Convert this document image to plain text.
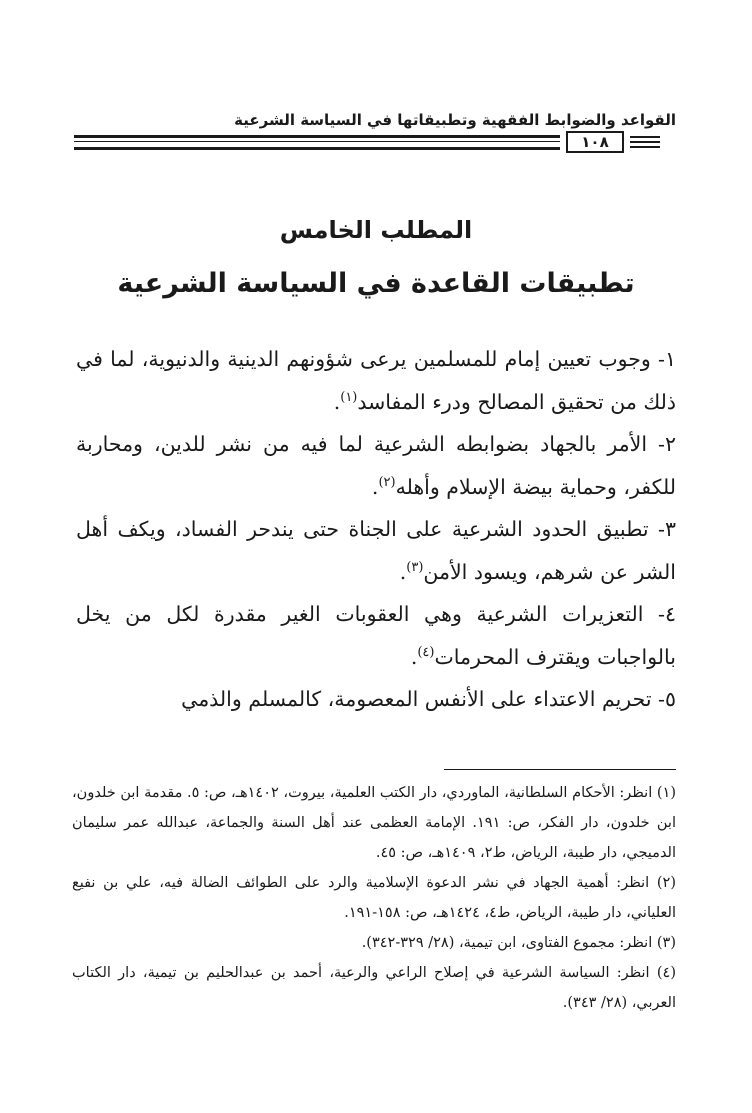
القواعد والضوابط الفقهية وتطبيقاتها في السياسة الشرعية
١٠٨
المطلب الخامس
تطبيقات القاعدة في السياسة الشرعية

١- وجوب تعيين إمام للمسلمين يرعى شؤونهم الدينية والدنيوية، لما في ذلك من تحقيق المصالح ودرء المفاسد$^{(١)}$.

٢- الأمر بالجهاد بضوابطه الشرعية لما فيه من نشر للدين، ومحاربة للكفر، وحماية بيضة الإسلام وأهله$^{(٢)}$.

٣- تطبيق الحدود الشرعية على الجناة حتى يندحر الفساد، ويكف أهل الشر عن شرهم، ويسود الأمن$^{(٣)}$.

٤- التعزيرات الشرعية وهي العقوبات الغير مقدرة لكل من يخل بالواجبات ويقترف المحرمات$^{(٤)}$.

٥- تحريم الاعتداء على الأنفس المعصومة، كالمسلم والذمي

(١) انظر: الأحكام السلطانية، الماوردي، دار الكتب العلمية، بيروت، ١٤٠٢هـ، ص: ٥. مقدمة ابن خلدون، ابن خلدون، دار الفكر، ص: ١٩١. الإمامة العظمى عند أهل السنة والجماعة، عبدالله عمر سليمان الدميجي، دار طيبة، الرياض، ط٢، ١٤٠٩هـ، ص: ٤٥.

(٢) انظر: أهمية الجهاد في نشر الدعوة الإسلامية والرد على الطوائف الضالة فيه، علي بن نفيع العلياني، دار طيبة، الرياض، ط٤، ١٤٢٤هـ، ص: ١٥٨-١٩١.

(٣) انظر: مجموع الفتاوى، ابن تيمية، (٢٨/ ٣٢٩-٣٤٢).

(٤) انظر: السياسة الشرعية في إصلاح الراعي والرعية، أحمد بن عبدالحليم بن تيمية، دار الكتاب العربي، (٢٨/ ٣٤٣).
